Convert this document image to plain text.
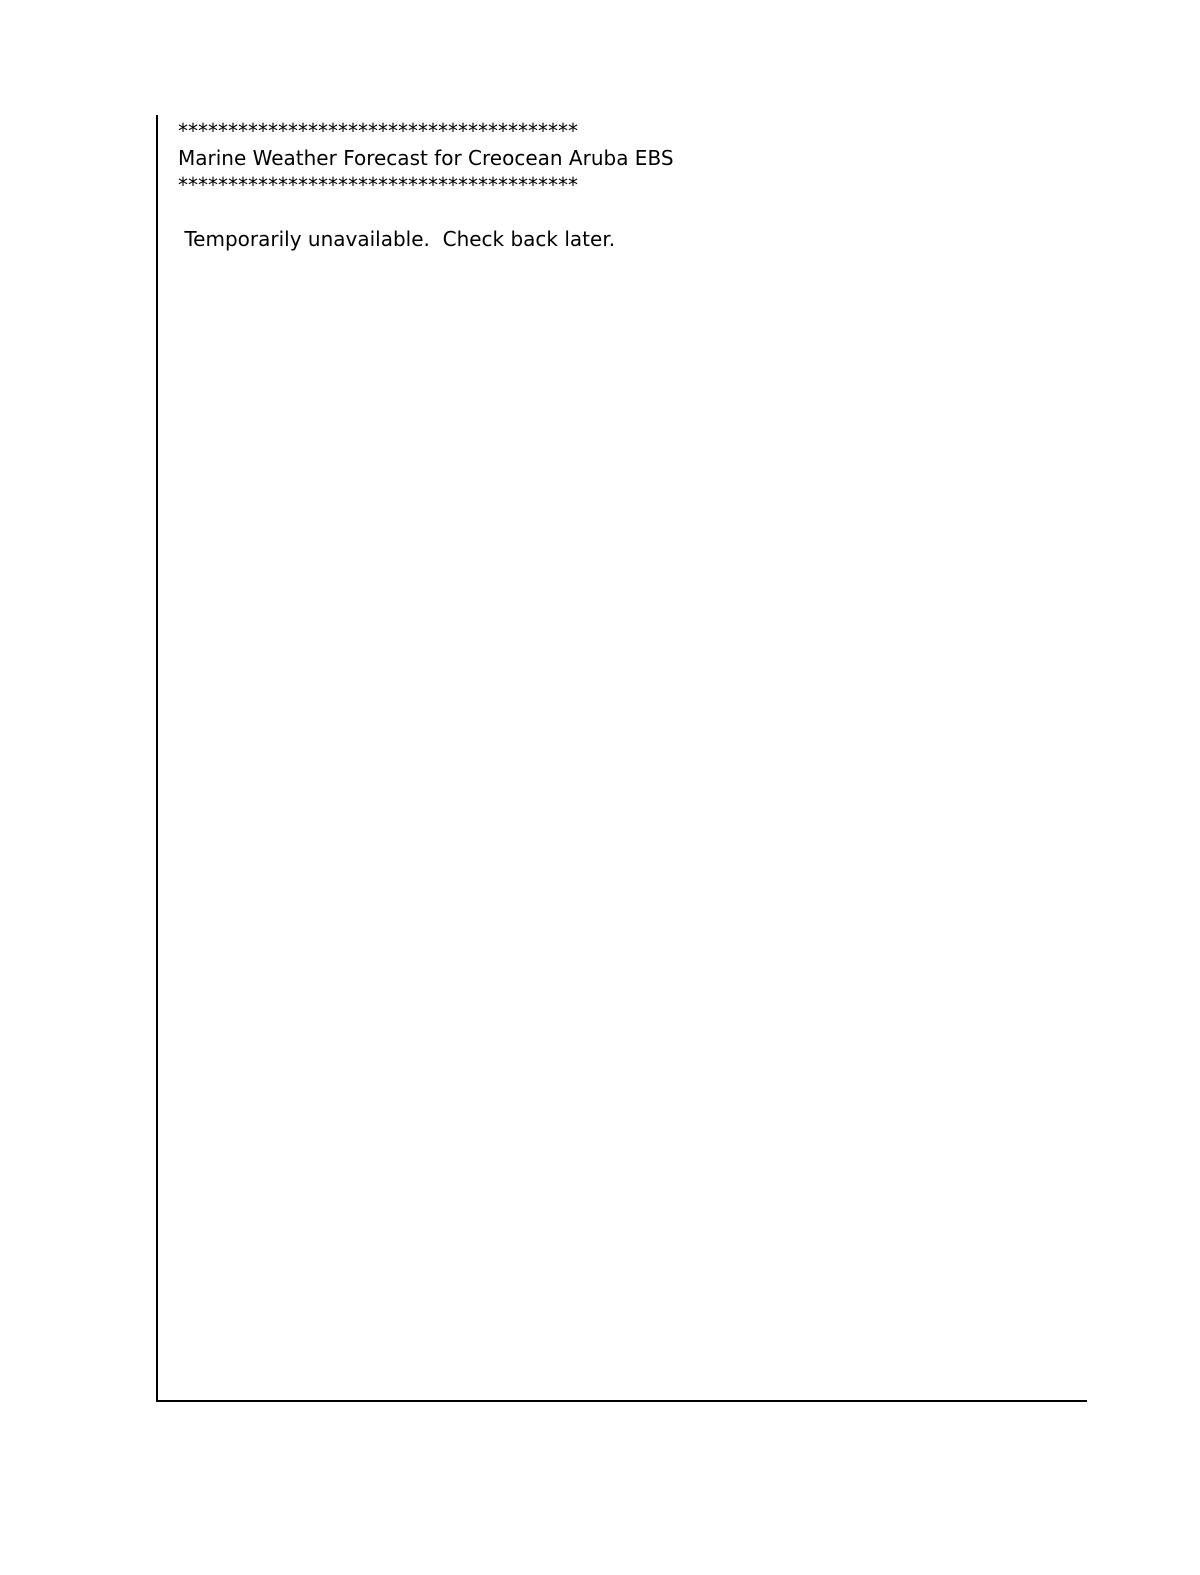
****************************************
Marine Weather Forecast for Creocean Aruba EBS
****************************************
Temporarily unavailable.  Check back later.
